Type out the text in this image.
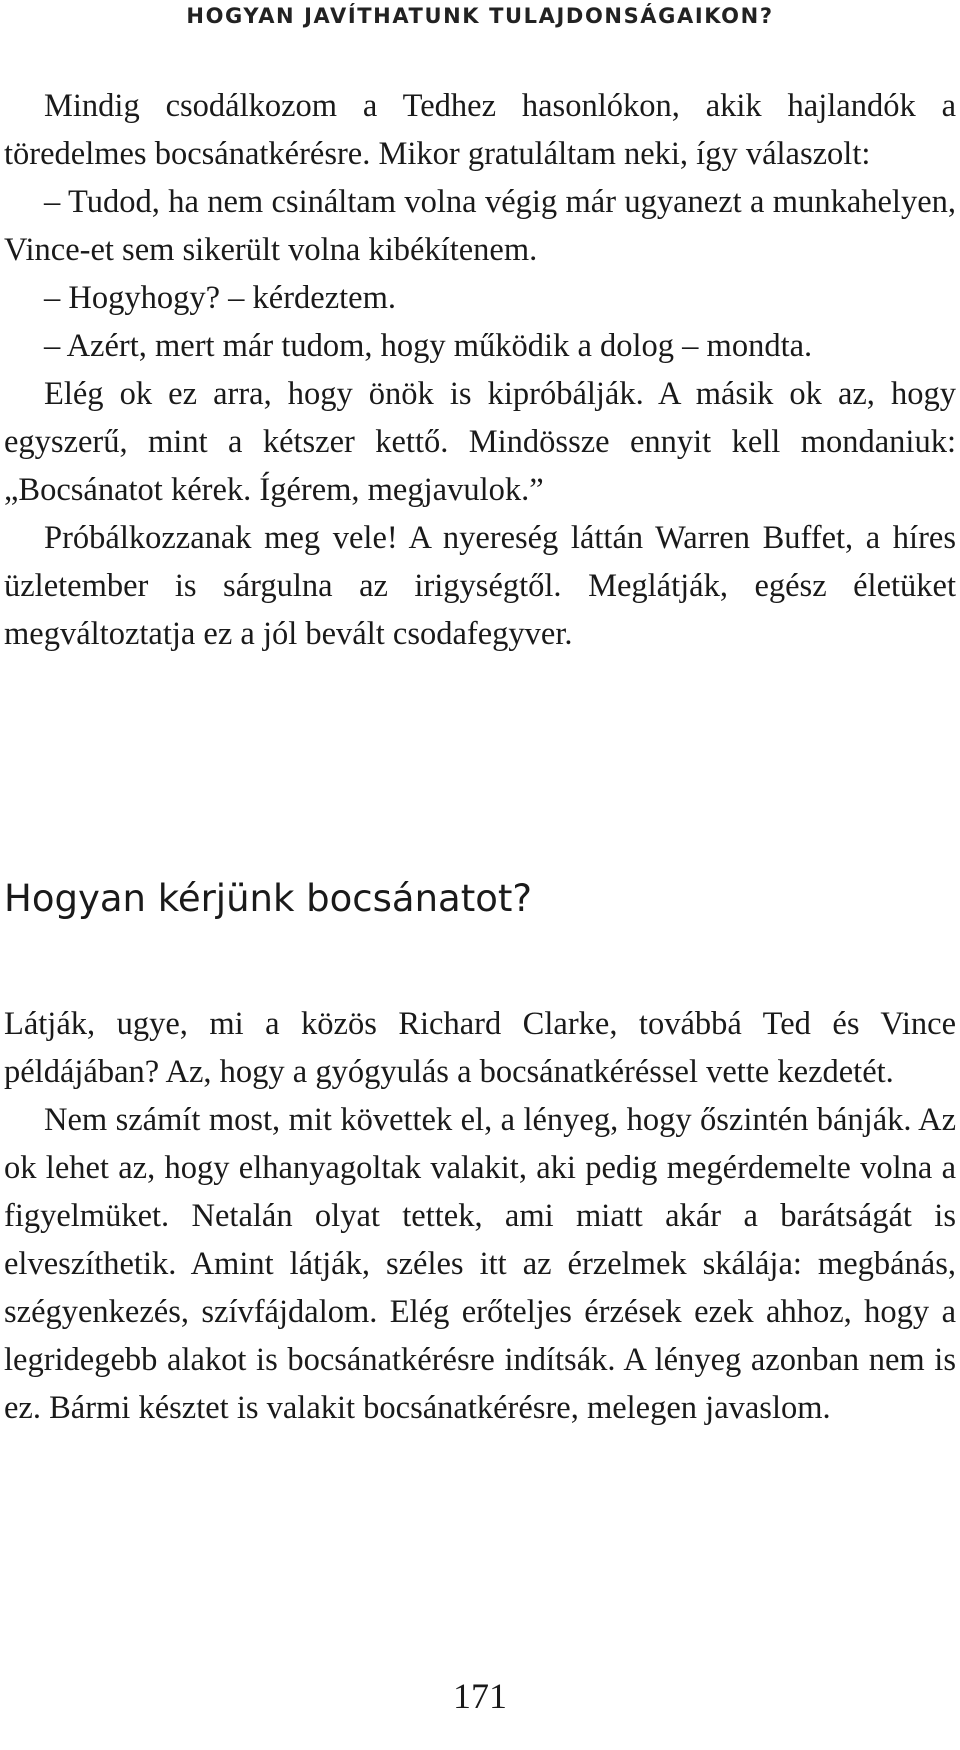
HOGYAN JAVÍTHATUNK TULAJDONSÁGAIKON?

Mindig csodálkozom a Tedhez hasonlókon, akik hajlandók a töredelmes bocsánatkérésre. Mikor gratuláltam neki, így válaszolt:

– Tudod, ha nem csináltam volna végig már ugyanezt a munkahelyen, Vince-et sem sikerült volna kibékítenem.

– Hogyhogy? – kérdeztem.

– Azért, mert már tudom, hogy működik a dolog – mondta.

Elég ok ez arra, hogy önök is kipróbálják. A másik ok az, hogy egyszerű, mint a kétszer kettő. Mindössze ennyit kell mondaniuk: „Bocsánatot kérek. Ígérem, megjavulok.”

Próbálkozzanak meg vele! A nyereség láttán Warren Buffet, a híres üzletember is sárgulna az irigységtől. Meglátják, egész életüket megváltoztatja ez a jól bevált csodafegyver.

Hogyan kérjünk bocsánatot?

Látják, ugye, mi a közös Richard Clarke, továbbá Ted és Vince példájában? Az, hogy a gyógyulás a bocsánatkéréssel vette kezdetét.

Nem számít most, mit követtek el, a lényeg, hogy őszintén bánják. Az ok lehet az, hogy elhanyagoltak valakit, aki pedig megérdemelte volna a figyelmüket. Netalán olyat tettek, ami miatt akár a barátságát is elveszíthetik. Amint látják, széles itt az érzelmek skálája: megbánás, szégyenkezés, szívfájdalom. Elég erőteljes érzések ezek ahhoz, hogy a legridegebb alakot is bocsánatkérésre indítsák. A lényeg azonban nem is ez. Bármi késztet is valakit bocsánatkérésre, melegen javaslom.

171
